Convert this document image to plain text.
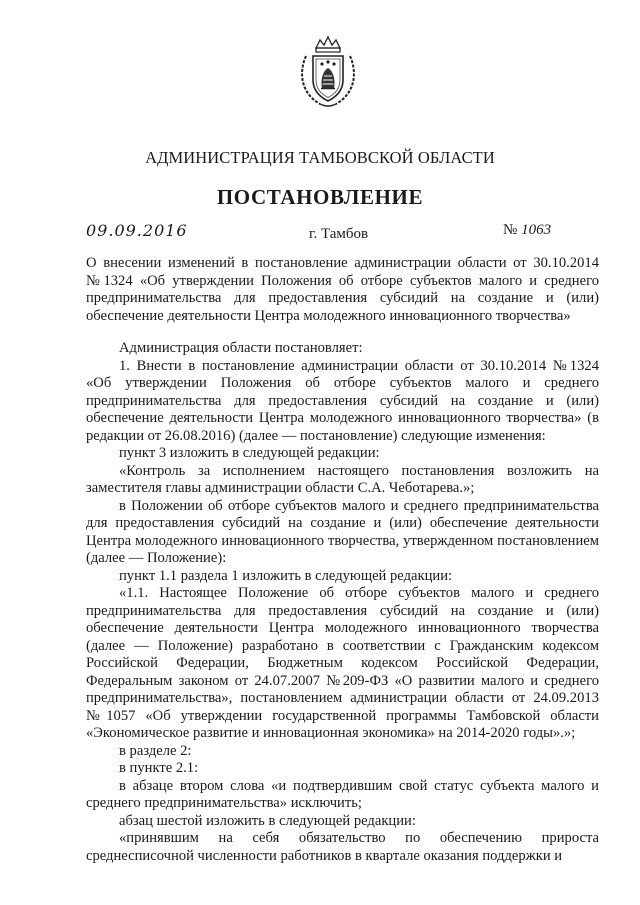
АДМИНИСТРАЦИЯ ТАМБОВСКОЙ ОБЛАСТИ
ПОСТАНОВЛЕНИЕ
09.09.2016	г. Тамбов	№ 1063
О внесении изменений в постановление администрации области от 30.10.2014 №1324 «Об утверждении Положения об отборе субъектов малого и среднего предпринимательства для предоставления субсидий на создание и (или) обеспечение деятельности Центра молодежного инновационного творчества»

Администрация области постановляет:

1. Внести в постановление администрации области от 30.10.2014 №1324 «Об утверждении Положения об отборе субъектов малого и среднего предпринимательства для предоставления субсидий на создание и (или) обеспечение деятельности Центра молодежного инновационного творчества» (в редакции от 26.08.2016) (далее — постановление) следующие изменения:

пункт 3 изложить в следующей редакции:

«Контроль за исполнением настоящего постановления возложить на заместителя главы администрации области С.А. Чеботарева.»;

в Положении об отборе субъектов малого и среднего предпринимательства для предоставления субсидий на создание и (или) обеспечение деятельности Центра молодежного инновационного творчества, утвержденном постановлением (далее — Положение):

пункт 1.1 раздела 1 изложить в следующей редакции:

«1.1. Настоящее Положение об отборе субъектов малого и среднего предпринимательства для предоставления субсидий на создание и (или) обеспечение деятельности Центра молодежного инновационного творчества (далее — Положение) разработано в соответствии с Гражданским кодексом Российской Федерации, Бюджетным кодексом Российской Федерации, Федеральным законом от 24.07.2007 №209-ФЗ «О развитии малого и среднего предпринимательства», постановлением администрации области от 24.09.2013 №1057 «Об утверждении государственной программы Тамбовской области «Экономическое развитие и инновационная экономика» на 2014-2020 годы».»;

в разделе 2:

в пункте 2.1:

в абзаце втором слова «и подтвердившим свой статус субъекта малого и среднего предпринимательства» исключить;

абзац шестой изложить в следующей редакции:

«принявшим на себя обязательство по обеспечению прироста среднесписочной численности работников в квартале оказания поддержки и
